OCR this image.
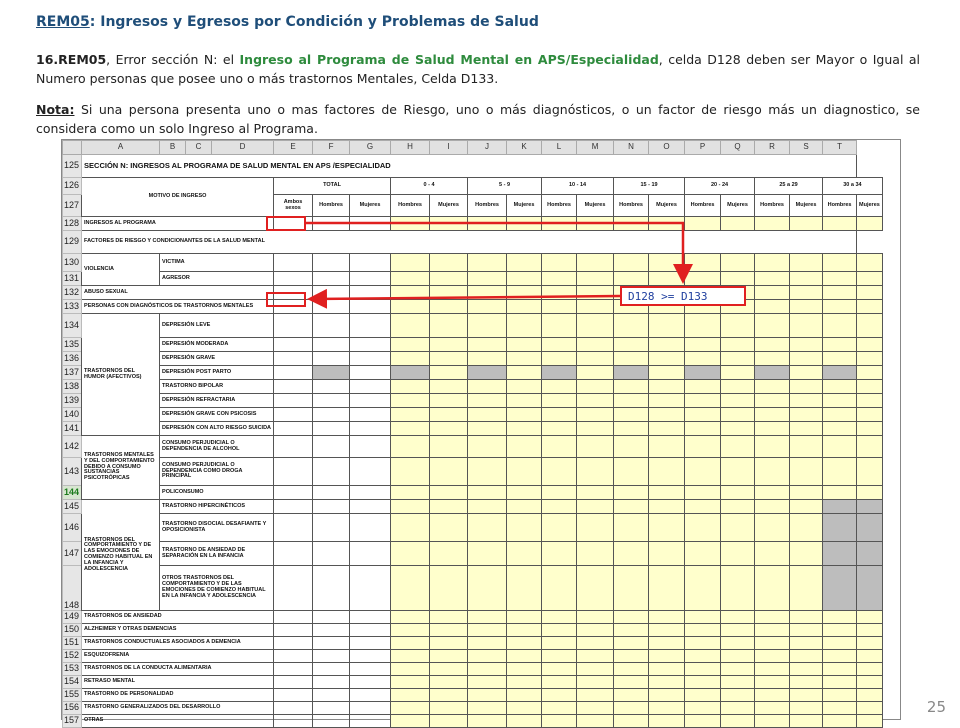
REM05: Ingresos y Egresos por Condición y Problemas de Salud
16.REM05, Error sección N: el Ingreso al Programa de Salud Mental en APS/Especialidad, celda D128 deben ser Mayor o Igual al Numero personas que posee uno o más trastornos Mentales, Celda D133.
Nota: Si una persona presenta uno o mas factores de Riesgo, uno o más diagnósticos, o un factor de riesgo más un diagnostico, se considera como un solo Ingreso al Programa.
	A	B	C	D	E	F	G	H	I	J	K	L	M	N	O	P	Q	R	S	T	
125	SECCIÓN N: INGRESOS AL PROGRAMA DE SALUD MENTAL EN APS /ESPECIALIDAD																				
126	MOTIVO DE INGRESO				TOTAL			0 - 4		5 - 9		10 - 14		15 - 19		20 - 24		25 a 29		30 a 34	
127					Ambos sexos	Hombres	Mujeres	Hombres	Mujeres	Hombres	Mujeres	Hombres	Mujeres	Hombres	Mujeres	Hombres	Mujeres	Hombres	Mujeres	Hombres	Mujeres
128	INGRESOS AL PROGRAMA																				
129	FACTORES DE RIESGO Y CONDICIONANTES DE LA SALUD MENTAL																				
130	VIOLENCIA	VICTIMA																			
131		AGRESOR																			
132	ABUSO SEXUAL																				
133	PERSONAS CON DIAGNÓSTICOS DE TRASTORNOS MENTALES																				
134	TRASTORNOS DEL HUMOR (AFECTIVOS)	DEPRESIÓN LEVE																			
135		DEPRESIÓN MODERADA																			
136		DEPRESIÓN GRAVE																			
137		DEPRESIÓN POST PARTO																			
138		TRASTORNO BIPOLAR																			
139		DEPRESIÓN REFRACTARIA																			
140		DEPRESIÓN GRAVE CON PSICOSIS																			
141		DEPRESIÓN CON ALTO RIESGO SUICIDA																			
142	TRASTORNOS MENTALES Y DEL COMPORTAMIENTO DEBIDO A CONSUMO SUSTANCIAS PSICOTRÓPICAS	CONSUMO PERJUDICIAL O DEPENDENCIA DE ALCOHOL																			
143		CONSUMO PERJUDICIAL O DEPENDENCIA COMO DROGA PRINCIPAL																			
144		POLICONSUMO																			
145	TRASTORNOS DEL COMPORTAMIENTO Y DE LAS EMOCIONES DE COMIENZO HABITUAL EN LA INFANCIA Y ADOLESCENCIA	TRASTORNO HIPERCINÉTICOS																			
146		TRASTORNO DISOCIAL DESAFIANTE Y OPOSICIONISTA																			
147		TRASTORNO DE ANSIEDAD DE SEPARACIÓN EN LA INFANCIA																			
148		OTROS TRASTORNOS DEL COMPORTAMIENTO Y DE LAS EMOCIONES DE COMIENZO HABITUAL EN LA INFANCIA Y ADOLESCENCIA																			
149	TRASTORNOS DE ANSIEDAD																				
150	ALZHEIMER Y OTRAS DEMENCIAS																				
151	TRASTORNOS CONDUCTUALES ASOCIADOS A DEMENCIA																				
152	ESQUIZOFRENIA																				
153	TRASTORNOS DE LA CONDUCTA ALIMENTARIA																				
154	RETRASO MENTAL																				
155	TRASTORNO DE PERSONALIDAD																				
156	TRASTORNO GENERALIZADOS DEL DESARROLLO																				
157	OTRAS																				
D128 >= D133
25
